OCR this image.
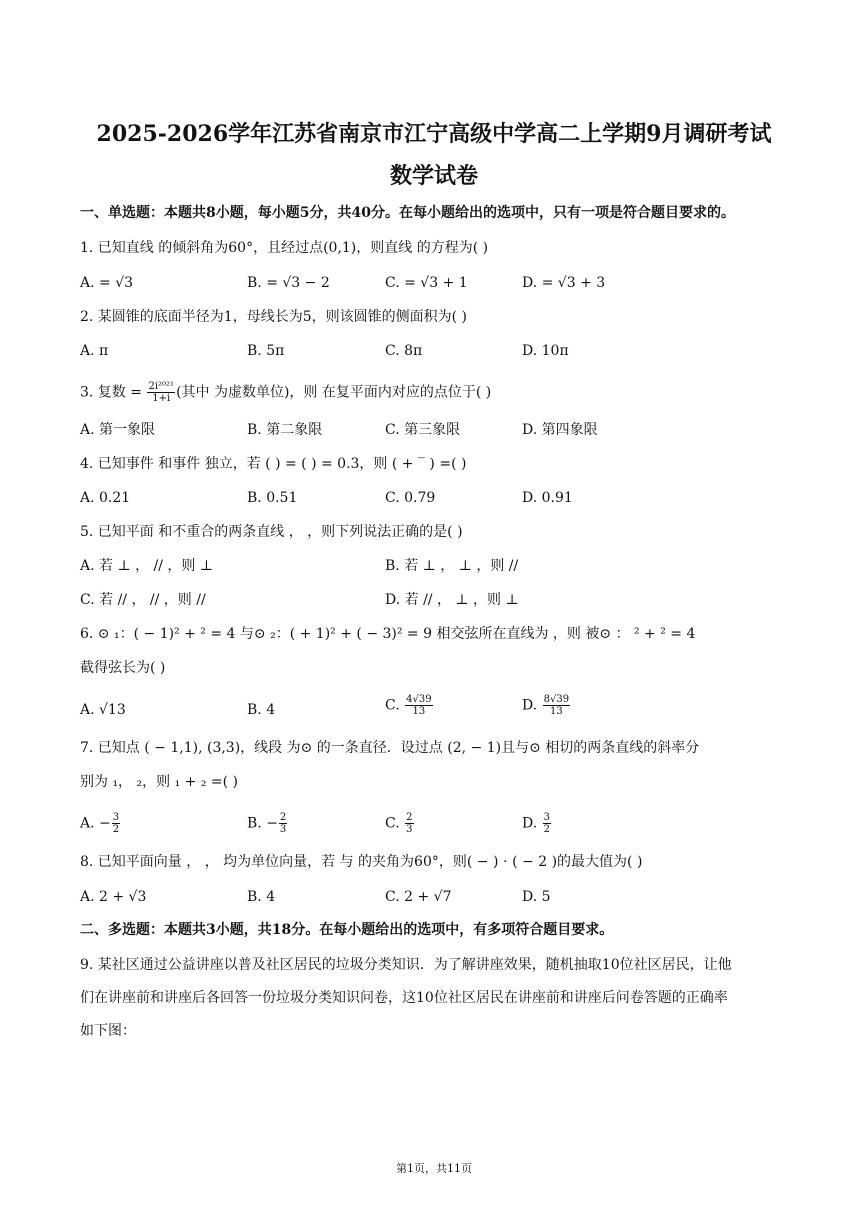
2025-2026学年江苏省南京市江宁高级中学高二上学期9月调研考试
数学试卷
一、单选题：本题共8小题，每小题5分，共40分。在每小题给出的选项中，只有一项是符合题目要求的。
1. 已知直线 的倾斜角为60°，且经过点(0,1)，则直线 的方程为( )
A. = √3	B. = √3 − 2	C. = √3 + 1	D. = √3 + 3
2. 某圆锥的底面半径为1，母线长为5，则该圆锥的侧面积为( )
A. π	B. 5π	C. 8π	D. 10π
3. 复数 = $\frac{\text{2i²⁰²¹}}{1+i}$ (其中 为虚数单位)，则 在复平面内对应的点位于( )
A. 第一象限	B. 第二象限	C. 第三象限	D. 第四象限
4. 已知事件 和事件 独立，若 ( ) = ( ) = 0.3，则 ( + ‾ ) =( )
A. 0.21	B. 0.51	C. 0.79	D. 0.91
5. 已知平面 和不重合的两条直线 ， ，则下列说法正确的是( )
A. 若 ⊥ ， // ，则 ⊥	B. 若 ⊥ ， ⊥ ，则 //
C. 若 // ， // ，则 //	D. 若 // ， ⊥ ，则 ⊥
6. ⊙ ₁：( − 1)² + ² = 4 与⊙ ₂：( + 1)² + ( − 3)² = 9 相交弦所在直线为 ，则 被⊙ ： ² + ² = 4
截得弦长为( )
A. √13	B. 4	C. $\frac{4√39}{13}$	D. $\frac{8√39}{13}$
7. 已知点 ( − 1,1), (3,3)，线段 为⊙ 的一条直径．设过点 (2, − 1)且与⊙ 相切的两条直线的斜率分
别为 ₁， ₂，则 ₁ + ₂ =( )
A. − $\frac{3}{2}$	B. − $\frac{2}{3}$	C. $\frac{2}{3}$	D. $\frac{3}{2}$
8. 已知平面向量 ， ， 均为单位向量，若 与 的夹角为60°，则( − ) ⋅ ( − 2 )的最大值为( )
A. 2 + √3	B. 4	C. 2 + √7	D. 5
二、多选题：本题共3小题，共18分。在每小题给出的选项中，有多项符合题目要求。
9. 某社区通过公益讲座以普及社区居民的垃圾分类知识．为了解讲座效果，随机抽取10位社区居民，让他
们在讲座前和讲座后各回答一份垃圾分类知识问卷，这10位社区居民在讲座前和讲座后问卷答题的正确率
如下图：
第1页，共11页
